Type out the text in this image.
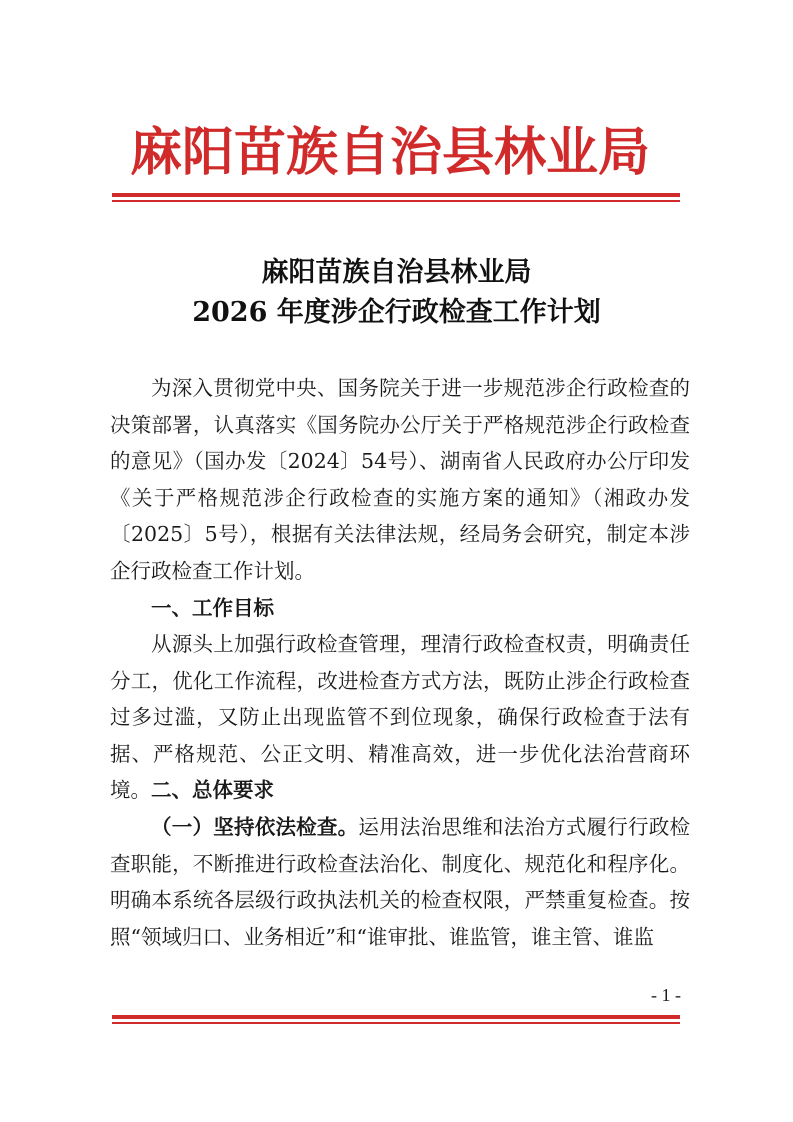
麻阳苗族自治县林业局
麻阳苗族自治县林业局
2026 年度涉企行政检查工作计划

为深入贯彻党中央、国务院关于进一步规范涉企行政检查的决策部署，认真落实《国务院办公厅关于严格规范涉企行政检查的意见》（国办发〔2024〕54号）、湖南省人民政府办公厅印发《关于严格规范涉企行政检查的实施方案的通知》（湘政办发〔2025〕5号），根据有关法律法规，经局务会研究，制定本涉企行政检查工作计划。

一、工作目标

从源头上加强行政检查管理，理清行政检查权责，明确责任分工，优化工作流程，改进检查方式方法，既防止涉企行政检查过多过滥，又防止出现监管不到位现象，确保行政检查于法有据、严格规范、公正文明、精准高效，进一步优化法治营商环境。 二、总体要求

（一）坚持依法检查。运用法治思维和法治方式履行行政检查职能，不断推进行政检查法治化、制度化、规范化和程序化。明确本系统各层级行政执法机关的检查权限，严禁重复检查。按照“领域归口、业务相近”和“谁审批、谁监管，谁主管、谁监

- 1 -
